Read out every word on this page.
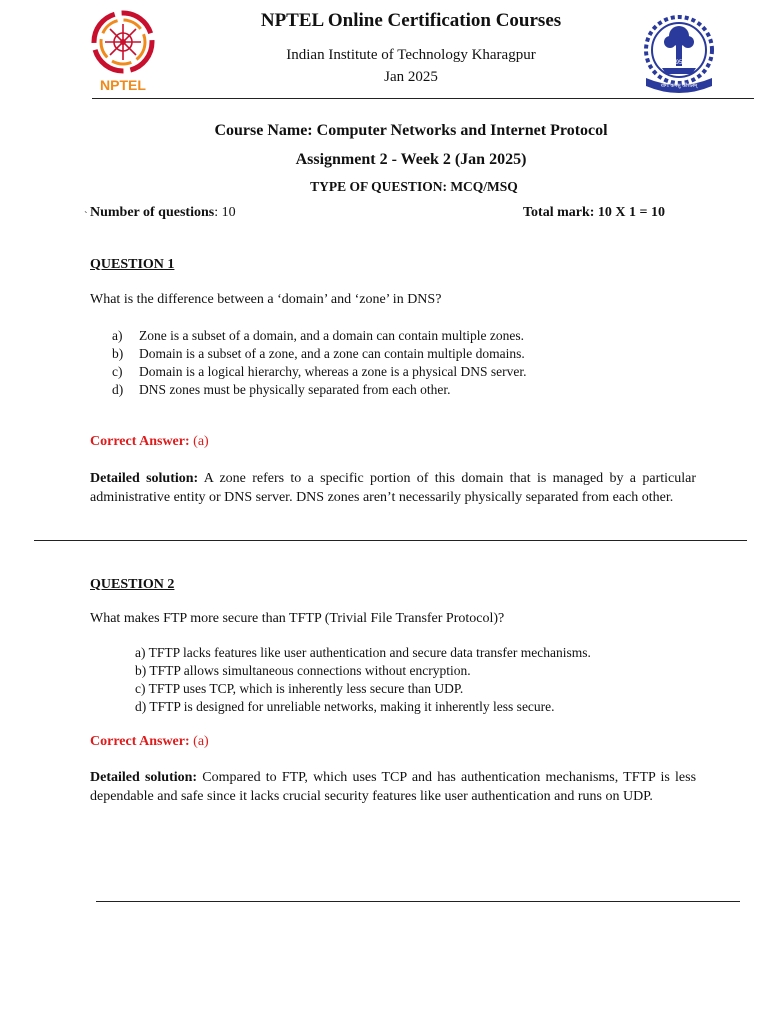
NPTEL
1951
योगः कर्मसु कौशलम्
NPTEL Online Certification Courses
Indian Institute of Technology Kharagpur
Jan 2025
Course Name: Computer Networks and Internet Protocol
Assignment 2 - Week 2 (Jan 2025)
TYPE OF QUESTION: MCQ/MSQ
` Number of questions: 10	Total mark: 10 X 1 = 10
QUESTION 1
What is the difference between a ‘domain’ and ‘zone’ in DNS?
a) Zone is a subset of a domain, and a domain can contain multiple zones.
b) Domain is a subset of a zone, and a zone can contain multiple domains.
c) Domain is a logical hierarchy, whereas a zone is a physical DNS server.
d) DNS zones must be physically separated from each other.
Correct Answer: (a)
Detailed solution: A zone refers to a specific portion of this domain that is managed by a particular administrative entity or DNS server. DNS zones aren’t necessarily physically separated from each other.
QUESTION 2
What makes FTP more secure than TFTP (Trivial File Transfer Protocol)?
a) TFTP lacks features like user authentication and secure data transfer mechanisms.
b) TFTP allows simultaneous connections without encryption.
c) TFTP uses TCP, which is inherently less secure than UDP.
d) TFTP is designed for unreliable networks, making it inherently less secure.
Correct Answer: (a)
Detailed solution: Compared to FTP, which uses TCP and has authentication mechanisms, TFTP is less dependable and safe since it lacks crucial security features like user authentication and runs on UDP.
